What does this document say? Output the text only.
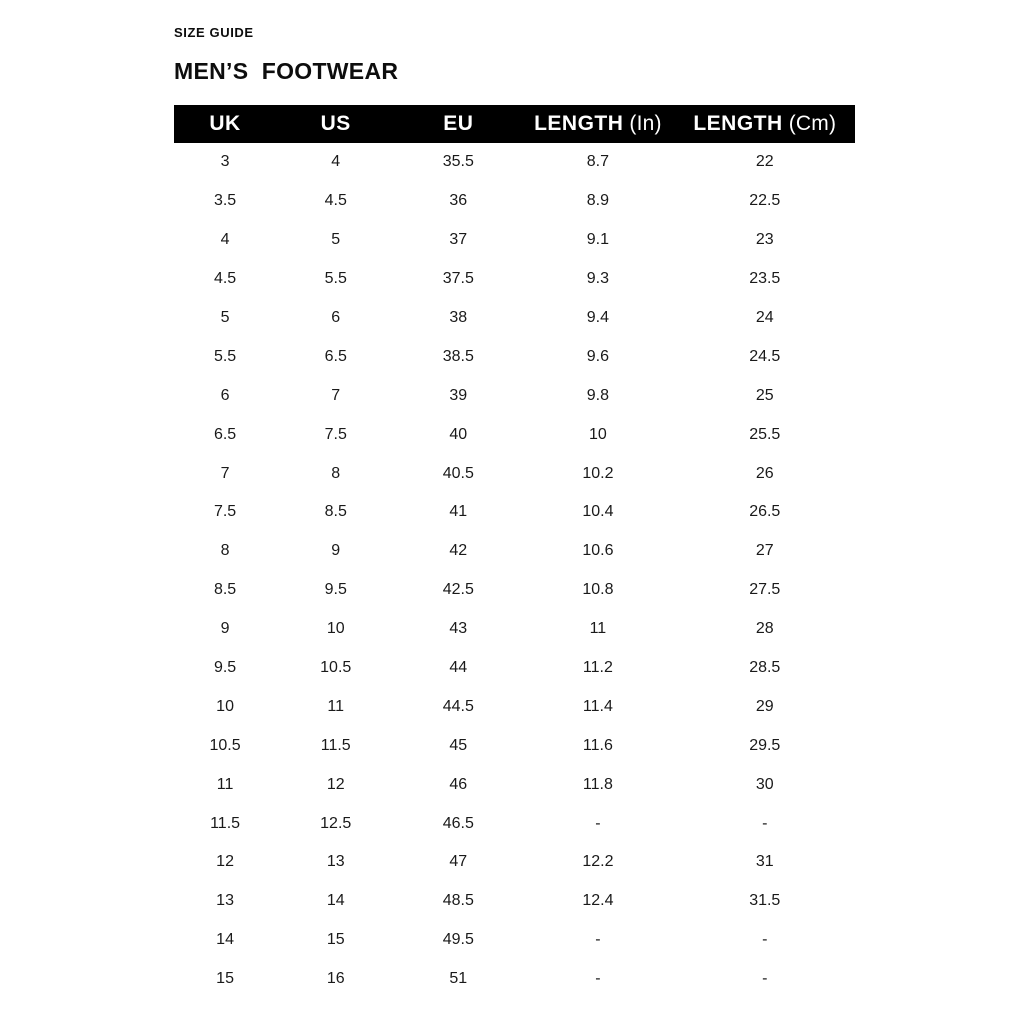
SIZE GUIDE
MEN’S  FOOTWEAR
UK	US	EU	LENGTH (In)	LENGTH (Cm)
3	4	35.5	8.7	22
3.5	4.5	36	8.9	22.5
4	5	37	9.1	23
4.5	5.5	37.5	9.3	23.5
5	6	38	9.4	24
5.5	6.5	38.5	9.6	24.5
6	7	39	9.8	25
6.5	7.5	40	10	25.5
7	8	40.5	10.2	26
7.5	8.5	41	10.4	26.5
8	9	42	10.6	27
8.5	9.5	42.5	10.8	27.5
9	10	43	11	28
9.5	10.5	44	11.2	28.5
10	11	44.5	11.4	29
10.5	11.5	45	11.6	29.5
11	12	46	11.8	30
11.5	12.5	46.5	-	-
12	13	47	12.2	31
13	14	48.5	12.4	31.5
14	15	49.5	-	-
15	16	51	-	-
